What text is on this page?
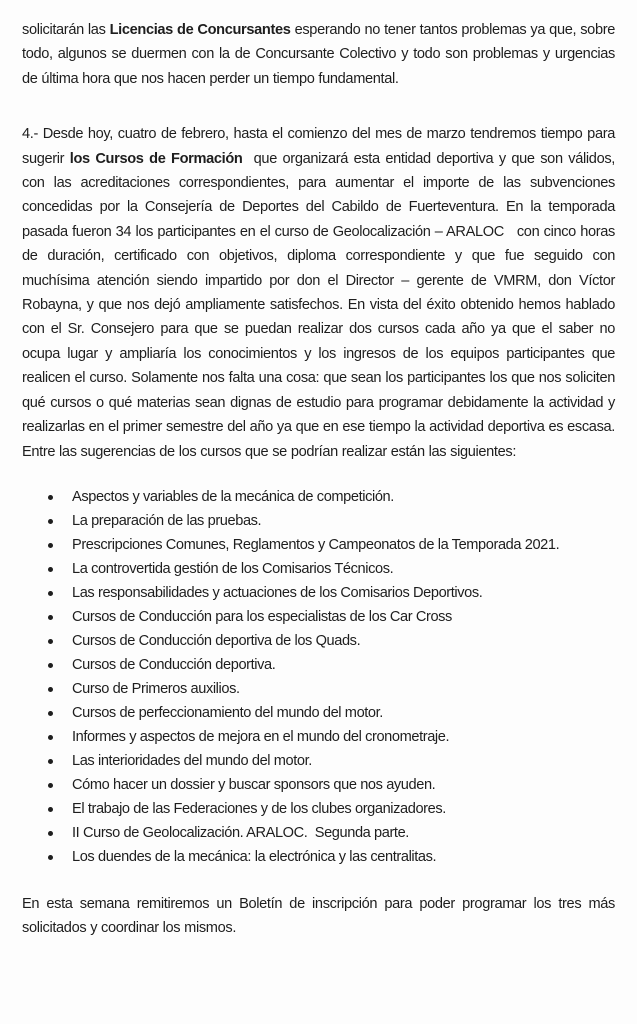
solicitarán las Licencias de Concursantes esperando no tener tantos problemas ya que, sobre todo, algunos se duermen con la de Concursante Colectivo y todo son problemas y urgencias de última hora que nos hacen perder un tiempo fundamental.

4.- Desde hoy, cuatro de febrero, hasta el comienzo del mes de marzo tendremos tiempo para sugerir los Cursos de Formación  que organizará esta entidad deportiva y que son válidos, con las acreditaciones correspondientes, para aumentar el importe de las subvenciones concedidas por la Consejería de Deportes del Cabildo de Fuerteventura. En la temporada pasada fueron 34 los participantes en el curso de Geolocalización – ARALOC   con cinco horas de duración, certificado con objetivos, diploma correspondiente y que fue seguido con muchísima atención siendo impartido por don el Director – gerente de VMRM, don Víctor Robayna, y que nos dejó ampliamente satisfechos. En vista del éxito obtenido hemos hablado con el Sr. Consejero para que se puedan realizar dos cursos cada año ya que el saber no ocupa lugar y ampliaría los conocimientos y los ingresos de los equipos participantes que realicen el curso. Solamente nos falta una cosa: que sean los participantes los que nos soliciten qué cursos o qué materias sean dignas de estudio para programar debidamente la actividad y realizarlas en el primer semestre del año ya que en ese tiempo la actividad deportiva es escasa. Entre las sugerencias de los cursos que se podrían realizar están las siguientes:

Aspectos y variables de la mecánica de competición.
La preparación de las pruebas.
Prescripciones Comunes, Reglamentos y Campeonatos de la Temporada 2021.
La controvertida gestión de los Comisarios Técnicos.
Las responsabilidades y actuaciones de los Comisarios Deportivos.
Cursos de Conducción para los especialistas de los Car Cross
Cursos de Conducción deportiva de los Quads.
Cursos de Conducción deportiva.
Curso de Primeros auxilios.
Cursos de perfeccionamiento del mundo del motor.
Informes y aspectos de mejora en el mundo del cronometraje.
Las interioridades del mundo del motor.
Cómo hacer un dossier y buscar sponsors que nos ayuden.
El trabajo de las Federaciones y de los clubes organizadores.
II Curso de Geolocalización. ARALOC.  Segunda parte.
Los duendes de la mecánica: la electrónica y las centralitas.

En esta semana remitiremos un Boletín de inscripción para poder programar los tres más solicitados y coordinar los mismos.
